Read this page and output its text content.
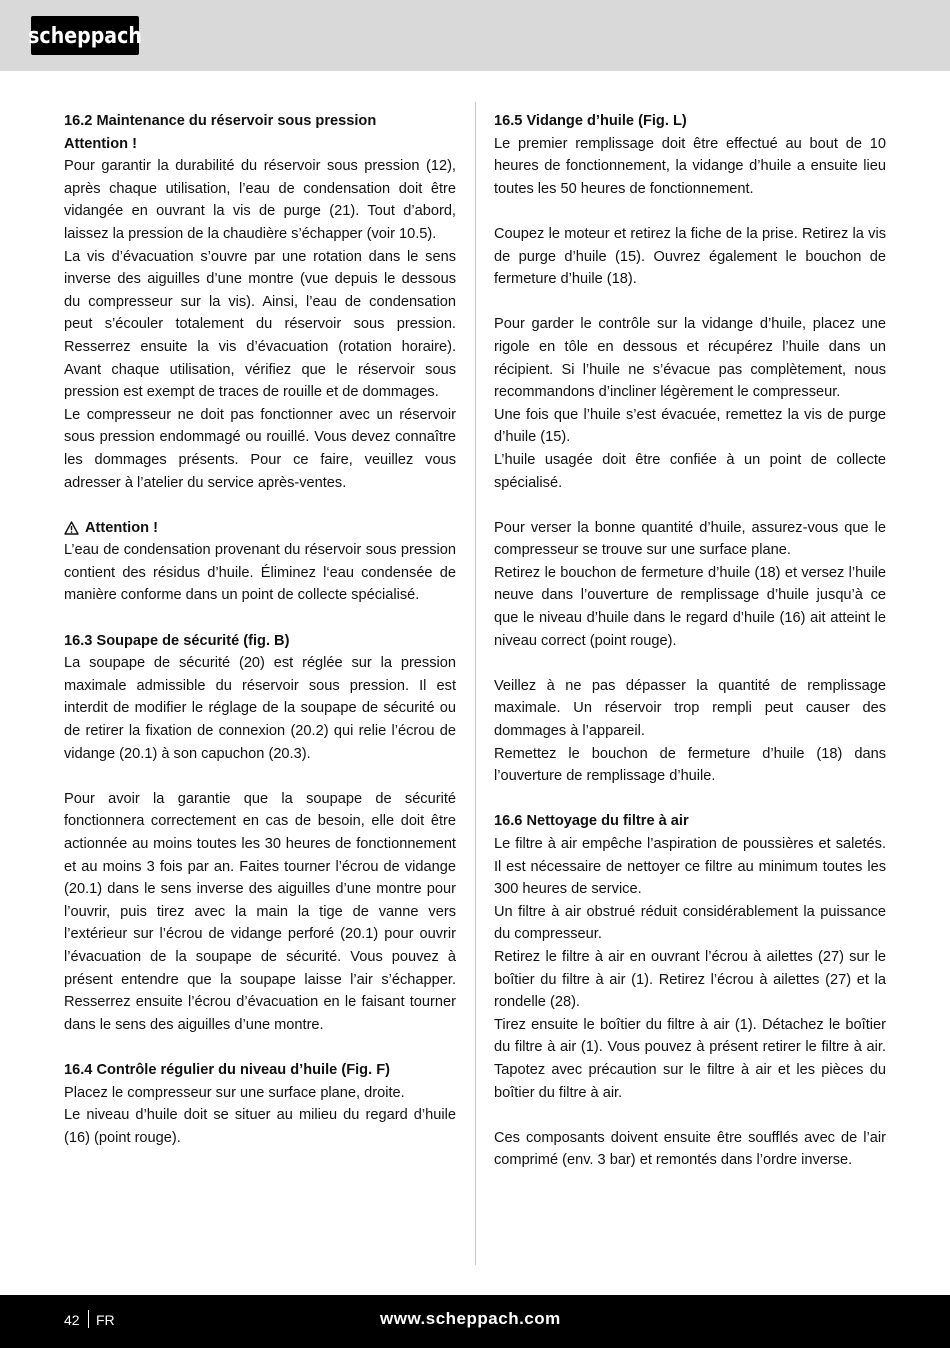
scheppach
16.2 Maintenance du réservoir sous pression
Attention !

Pour garantir la durabilité du réservoir sous pression (12), après chaque utilisation, l’eau de condensation doit être vidangée en ouvrant la vis de purge (21). Tout d’abord, laissez la pression de la chaudière s’échapper (voir 10.5).

La vis d’évacuation s’ouvre par une rotation dans le sens inverse des aiguilles d’une montre (vue depuis le dessous du compresseur sur la vis). Ainsi, l’eau de condensation peut s’écouler totalement du réservoir sous pression. Resserrez ensuite la vis d’évacuation (rotation horaire). Avant chaque utilisation, vérifiez que le réservoir sous pression est exempt de traces de rouille et de dommages.

Le compresseur ne doit pas fonctionner avec un réservoir sous pression endommagé ou rouillé. Vous devez connaître les dommages présents. Pour ce faire, veuillez vous adresser à l’atelier du service après-ventes.

Attention !

L’eau de condensation provenant du réservoir sous pression contient des résidus d’huile. Éliminez l‘eau condensée de manière conforme dans un point de collecte spécialisé.

16.3 Soupape de sécurité (fig. B)

La soupape de sécurité (20) est réglée sur la pression maximale admissible du réservoir sous pression. Il est interdit de modifier le réglage de la soupape de sécurité ou de retirer la fixation de connexion (20.2) qui relie l’écrou de vidange (20.1) à son capuchon (20.3).

Pour avoir la garantie que la soupape de sécurité fonctionnera correctement en cas de besoin, elle doit être actionnée au moins toutes les 30 heures de fonctionnement et au moins 3 fois par an. Faites tourner l’écrou de vidange (20.1) dans le sens inverse des aiguilles d’une montre pour l’ouvrir, puis tirez avec la main la tige de vanne vers l’extérieur sur l’écrou de vidange perforé (20.1) pour ouvrir l’évacuation de la soupape de sécurité. Vous pouvez à présent entendre que la soupape laisse l’air s’échapper. Resserrez ensuite l’écrou d’évacuation en le faisant tourner dans le sens des aiguilles d’une montre.

16.4 Contrôle régulier du niveau d’huile (Fig. F)

Placez le compresseur sur une surface plane, droite.

Le niveau d’huile doit se situer au milieu du regard d’huile (16) (point rouge).

16.5 Vidange d’huile (Fig. L)

Le premier remplissage doit être effectué au bout de 10 heures de fonctionnement, la vidange d’huile a ensuite lieu toutes les 50 heures de fonctionnement.

Coupez le moteur et retirez la fiche de la prise. Retirez la vis de purge d’huile (15). Ouvrez également le bouchon de fermeture d’huile (18).

Pour garder le contrôle sur la vidange d’huile, placez une rigole en tôle en dessous et récupérez l’huile dans un récipient. Si l’huile ne s’évacue pas complètement, nous recommandons d’incliner légèrement le compresseur.

Une fois que l’huile s’est évacuée, remettez la vis de purge d’huile (15).

L’huile usagée doit être confiée à un point de collecte spécialisé.

Pour verser la bonne quantité d’huile, assurez-vous que le compresseur se trouve sur une surface plane.

Retirez le bouchon de fermeture d’huile (18) et versez l’huile neuve dans l’ouverture de remplissage d’huile jusqu’à ce que le niveau d’huile dans le regard d’huile (16) ait atteint le niveau correct (point rouge).

Veillez à ne pas dépasser la quantité de remplissage maximale. Un réservoir trop rempli peut causer des dommages à l’appareil.

Remettez le bouchon de fermeture d’huile (18) dans l’ouverture de remplissage d’huile.

16.6 Nettoyage du filtre à air

Le filtre à air empêche l’aspiration de poussières et saletés. Il est nécessaire de nettoyer ce filtre au minimum toutes les 300 heures de service.

Un filtre à air obstrué réduit considérablement la puissance du compresseur.

Retirez le filtre à air en ouvrant l’écrou à ailettes (27) sur le boîtier du filtre à air (1). Retirez l’écrou à ailettes (27) et la rondelle (28).

Tirez ensuite le boîtier du filtre à air (1). Détachez le boîtier du filtre à air (1). Vous pouvez à présent retirer le filtre à air. Tapotez avec précaution sur le filtre à air et les pièces du boîtier du filtre à air.

Ces composants doivent ensuite être soufflés avec de l’air comprimé (env. 3 bar) et remontés dans l’ordre inverse.

42 FR	www.scheppach.com
